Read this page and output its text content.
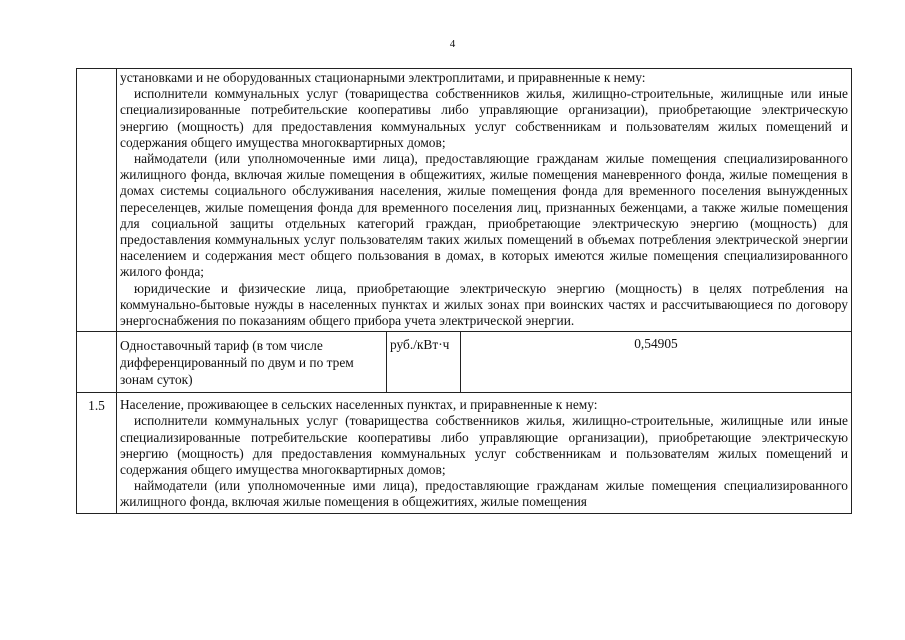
4

	установками и не оборудованных стационарными электроплитами, и приравненные к нему:

исполнители коммунальных услуг (товарищества собственников жилья, жилищно-строительные, жилищные или иные специализированные потребительские кооперативы либо управляющие организации), приобретающие электрическую энергию (мощность) для предоставления коммунальных услуг собственникам и пользователям жилых помещений и содержания общего имущества многоквартирных домов;

наймодатели (или уполномоченные ими лица), предоставляющие гражданам жилые помещения специализированного жилищного фонда, включая жилые помещения в общежитиях, жилые помещения маневренного фонда, жилые помещения в домах системы социального обслуживания населения, жилые помещения фонда для временного поселения вынужденных переселенцев, жилые помещения фонда для временного поселения лиц, признанных беженцами, а также жилые помещения для социальной защиты отдельных категорий граждан, приобретающие электрическую энергию (мощность) для предоставления коммунальных услуг пользователям таких жилых помещений в объемах потребления электрической энергии населением и содержания мест общего пользования в домах, в которых имеются жилые помещения специализированного жилого фонда;

юридические и физические лица, приобретающие электрическую энергию (мощность) в целях потребления на коммунально-бытовые нужды в населенных пунктах и жилых зонах при воинских частях и рассчитывающиеся по договору энергоснабжения по показаниям общего прибора учета электрической энергии.		

	Одноставочный тариф (в том числе дифференцированный по двум и по трем зонам суток)	руб./кВт·ч	0,54905
1.5	Население, проживающее в сельских населенных пунктах, и приравненные к нему:

исполнители коммунальных услуг (товарищества собственников жилья, жилищно-строительные, жилищные или иные специализированные потребительские кооперативы либо управляющие организации), приобретающие электрическую энергию (мощность) для предоставления коммунальных услуг собственникам и пользователям жилых помещений и содержания общего имущества многоквартирных домов;

наймодатели (или уполномоченные ими лица), предоставляющие гражданам жилые помещения специализированного жилищного фонда, включая жилые помещения в общежитиях, жилые помещения		
